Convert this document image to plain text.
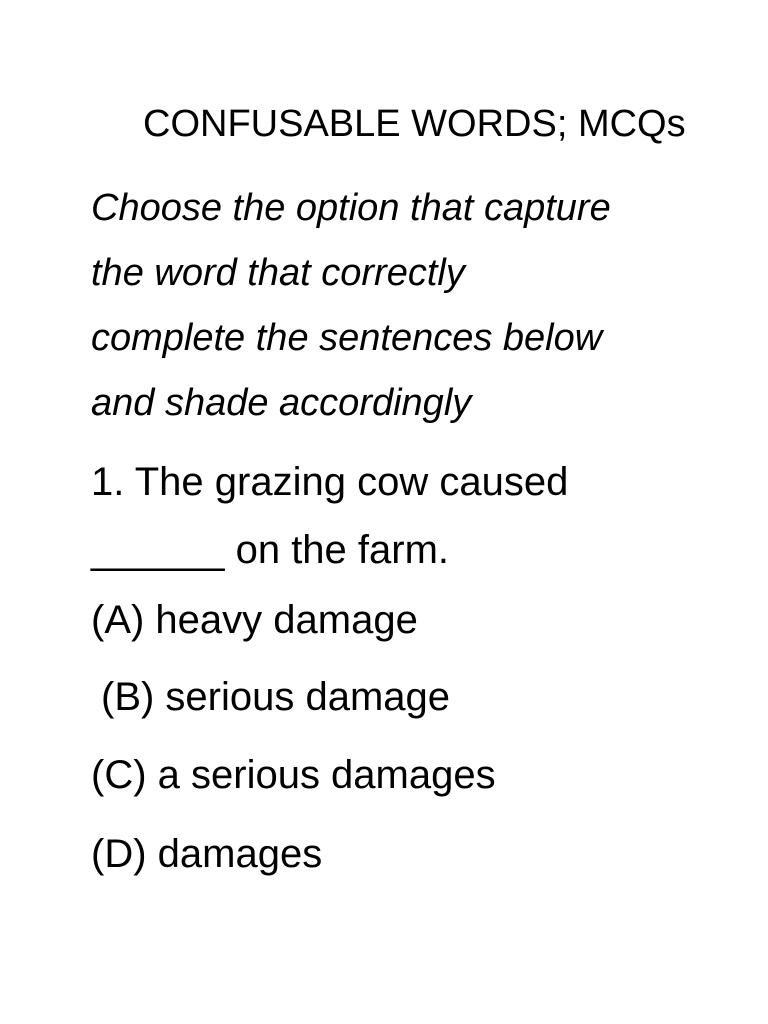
CONFUSABLE WORDS; MCQs
Choose the option that capture
the word that correctly
complete the sentences below
and shade accordingly
1. The grazing cow caused
______ on the farm.
(A) heavy damage
(B) serious damage
(C) a serious damages
(D) damages
